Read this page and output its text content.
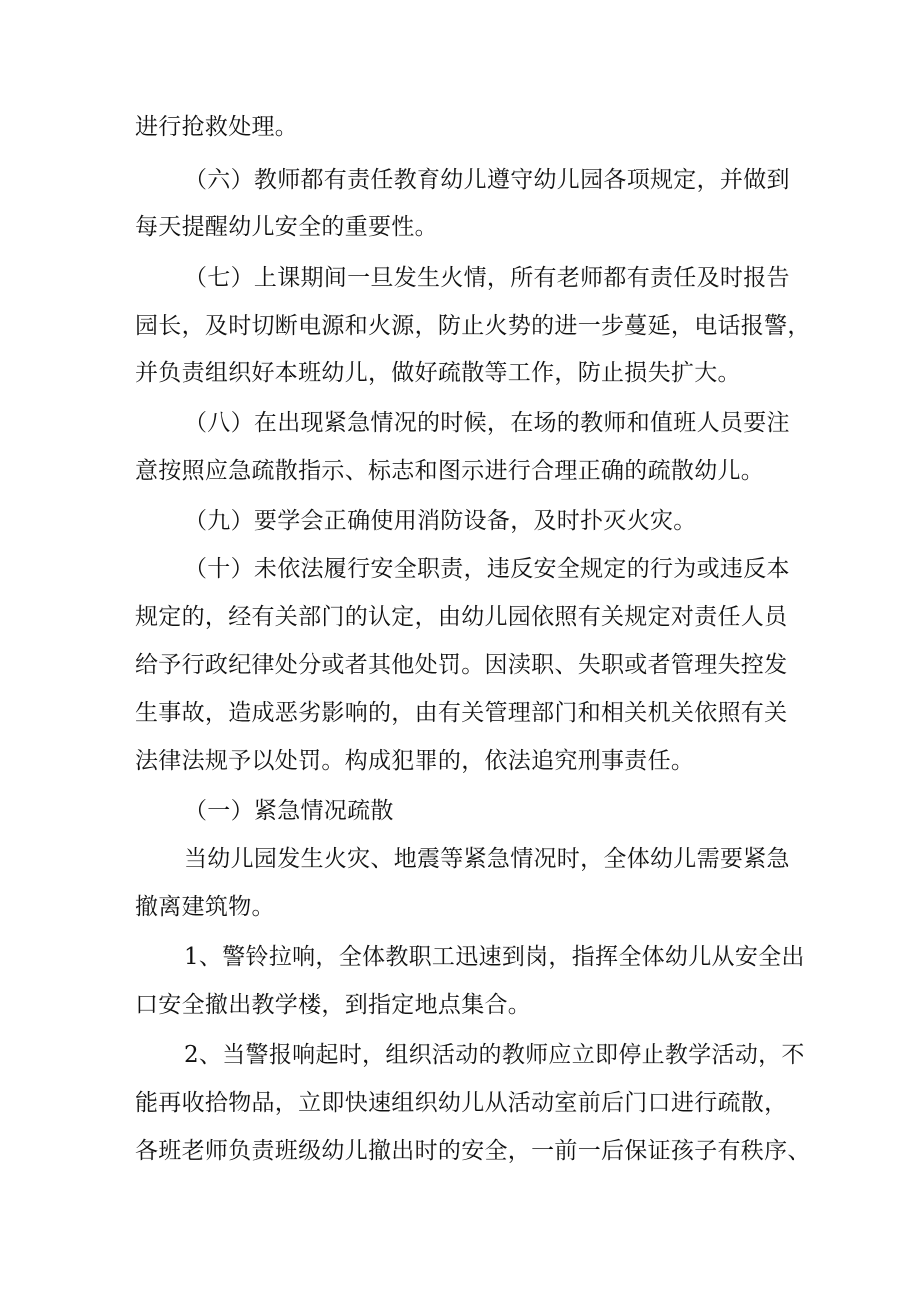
进行抢救处理。
（六）教师都有责任教育幼儿遵守幼儿园各项规定，并做到
每天提醒幼儿安全的重要性。
（七）上课期间一旦发生火情，所有老师都有责任及时报告
园长，及时切断电源和火源，防止火势的进一步蔓延，电话报警，
并负责组织好本班幼儿，做好疏散等工作，防止损失扩大。
（八）在出现紧急情况的时候，在场的教师和值班人员要注
意按照应急疏散指示、标志和图示进行合理正确的疏散幼儿。
（九）要学会正确使用消防设备，及时扑灭火灾。
（十）未依法履行安全职责，违反安全规定的行为或违反本
规定的，经有关部门的认定，由幼儿园依照有关规定对责任人员
给予行政纪律处分或者其他处罚。因渎职、失职或者管理失控发
生事故，造成恶劣影响的，由有关管理部门和相关机关依照有关
法律法规予以处罚。构成犯罪的，依法追究刑事责任。
（一）紧急情况疏散
当幼儿园发生火灾、地震等紧急情况时，全体幼儿需要紧急
撤离建筑物。
1、警铃拉响，全体教职工迅速到岗，指挥全体幼儿从安全出
口安全撤出教学楼，到指定地点集合。
2、当警报响起时，组织活动的教师应立即停止教学活动，不
能再收拾物品，立即快速组织幼儿从活动室前后门口进行疏散，
各班老师负责班级幼儿撤出时的安全，一前一后保证孩子有秩序、
